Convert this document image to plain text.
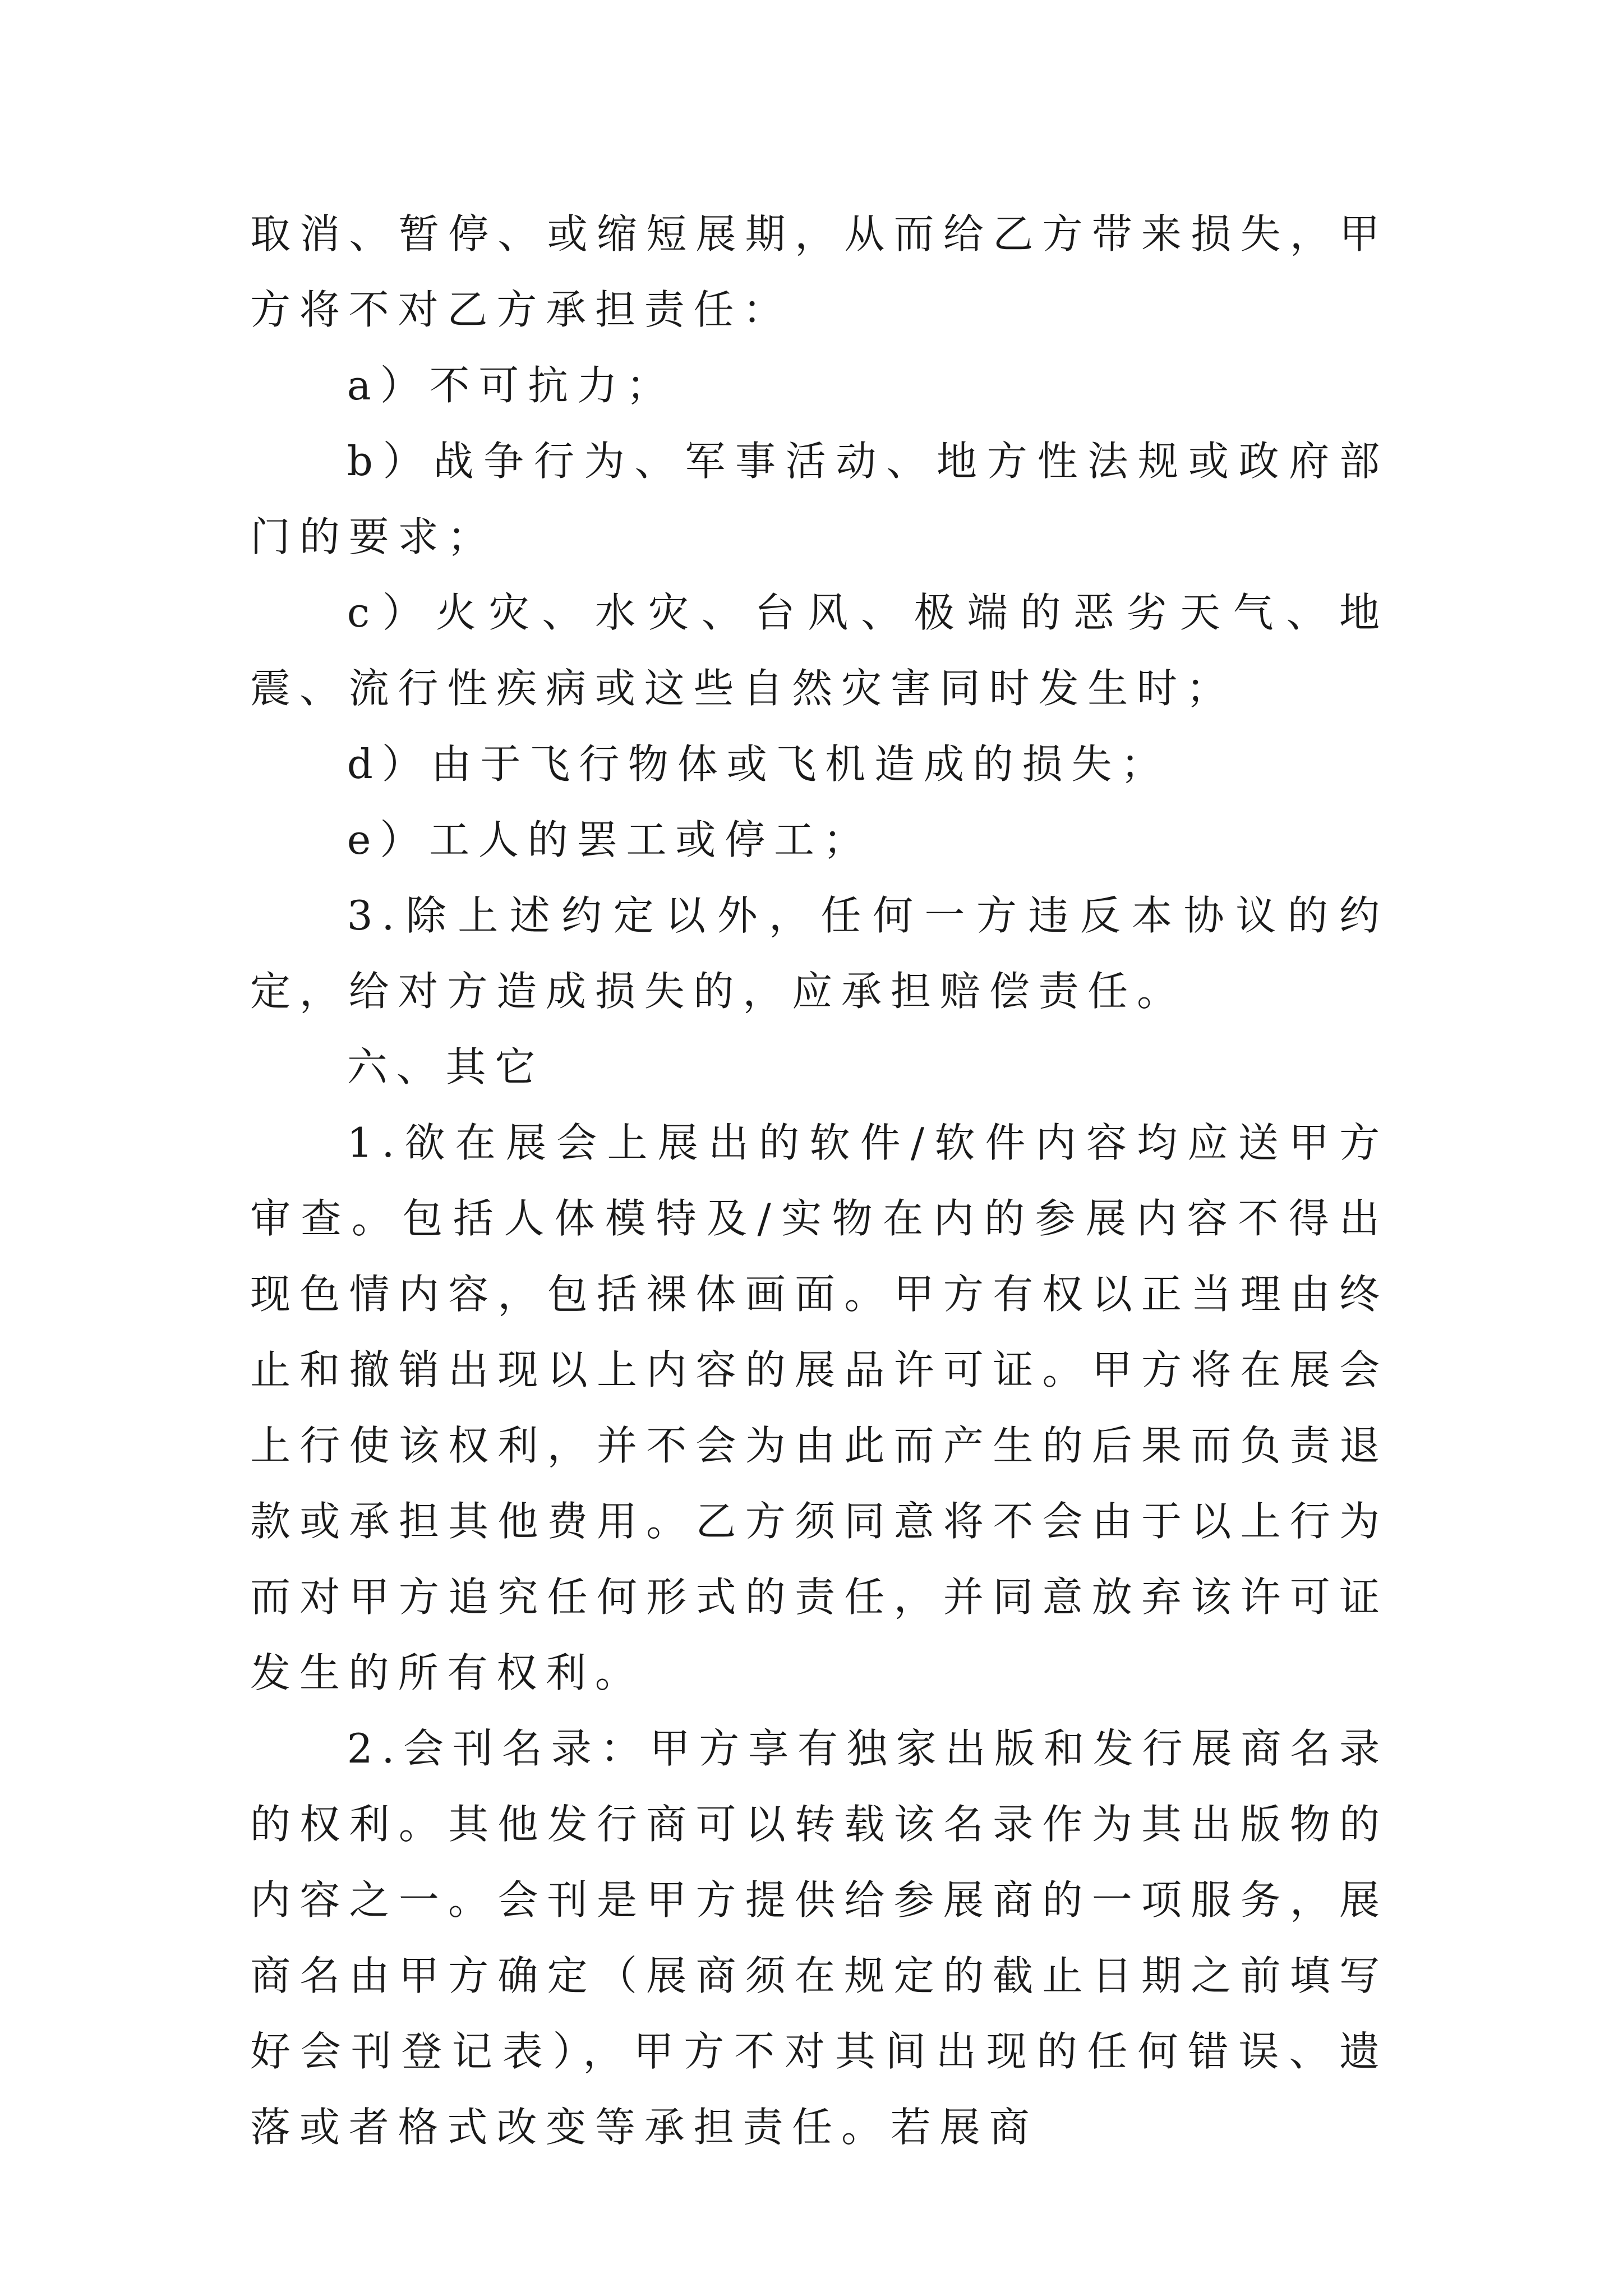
取消、暂停、或缩短展期，从而给乙方带来损失，甲方将不对乙方承担责任：

a）不可抗力；

b）战争行为、军事活动、地方性法规或政府部门的要求；

c）火灾、水灾、台风、极端的恶劣天气、地震、流行性疾病或这些自然灾害同时发生时；

d）由于飞行物体或飞机造成的损失；

e）工人的罢工或停工；

3.除上述约定以外，任何一方违反本协议的约定，给对方造成损失的，应承担赔偿责任。

六、其它

1.欲在展会上展出的软件/软件内容均应送甲方审查。包括人体模特及/实物在内的参展内容不得出现色情内容，包括裸体画面。甲方有权以正当理由终止和撤销出现以上内容的展品许可证。甲方将在展会上行使该权利，并不会为由此而产生的后果而负责退款或承担其他费用。乙方须同意将不会由于以上行为而对甲方追究任何形式的责任，并同意放弃该许可证发生的所有权利。

2.会刊名录：甲方享有独家出版和发行展商名录的权利。其他发行商可以转载该名录作为其出版物的内容之一。会刊是甲方提供给参展商的一项服务，展商名由甲方确定（展商须在规定的截止日期之前填写好会刊登记表），甲方不对其间出现的任何错误、遗落或者格式改变等承担责任。若展商
